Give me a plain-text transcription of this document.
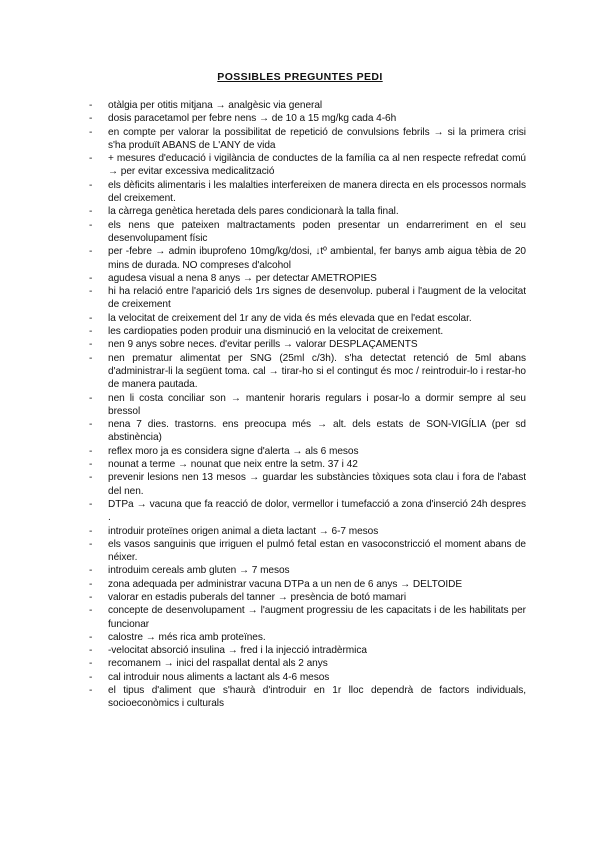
POSSIBLES PREGUNTES PEDI
-	otàlgia per otitis mitjana → analgèsic via general
-	dosis paracetamol per febre nens → de 10 a 15 mg/kg cada 4-6h
-	en compte per valorar la possibilitat de repetició de convulsions febrils → si la primera crisi s'ha produït ABANS de L'ANY de vida
-	+ mesures d'educació i vigilància de conductes de la família ca al nen respecte refredat comú → per evitar excessiva medicalització
-	els dèficits alimentaris i les malalties interfereixen de manera directa en els processos normals del creixement.
-	la càrrega genètica heretada dels pares condicionarà la talla final.
-	els nens que pateixen maltractaments poden presentar un endarreriment en el seu desenvolupament físic
-	per -febre → admin ibuprofeno 10mg/kg/dosi, ↓tº ambiental, fer banys amb aigua tèbia de 20 mins de durada. NO compreses d'alcohol
-	agudesa visual a nena 8 anys → per detectar AMETROPIES
-	hi ha relació entre l'aparició dels 1rs signes de desenvolup. puberal i l'augment de la velocitat de creixement
-	la velocitat de creixement del 1r any de vida és més elevada que en l'edat escolar.
-	les cardiopaties poden produir una disminució en la velocitat de creixement.
-	nen 9 anys sobre neces. d'evitar perills → valorar DESPLAÇAMENTS
-	nen prematur alimentat per SNG (25ml c/3h). s'ha detectat retenció de 5ml abans d'administrar-li la següent toma. cal → tirar-ho si el contingut és moc / reintroduir-lo i restar-ho de manera pautada.
-	nen li costa conciliar son → mantenir horaris regulars i posar-lo a dormir sempre al seu bressol
-	nena 7 dies. trastorns. ens preocupa més → alt. dels estats de SON-VIGÍLIA (per sd abstinència)
-	reflex moro ja es considera signe d'alerta → als 6 mesos
-	nounat a terme → nounat que neix entre la setm. 37 i 42
-	prevenir lesions nen 13 mesos → guardar les substàncies tòxiques sota clau i fora de l'abast del nen.
-	DTPa → vacuna que fa reacció de dolor, vermellor i tumefacció a zona d'inserció 24h despres .
-	introduir proteïnes origen animal a dieta lactant → 6-7 mesos
-	els vasos sanguinis que irriguen el pulmó fetal estan en vasoconstricció el moment abans de néixer.
-	introduim cereals amb gluten → 7 mesos
-	zona adequada per administrar vacuna DTPa a un nen de 6 anys → DELTOIDE
-	valorar en estadis puberals del tanner → presència de botó mamari
-	concepte de desenvolupament → l'augment progressiu de les capacitats i de les habilitats per funcionar
-	calostre → més rica amb proteïnes.
-	-velocitat absorció insulina → fred i la injecció intradèrmica
-	recomanem → inici del raspallat dental als 2 anys
-	cal introduir nous aliments a lactant als 4-6 mesos
-	el tipus d'aliment que s'haurà d'introduir en 1r lloc dependrà de factors individuals, socioeconòmics i culturals
